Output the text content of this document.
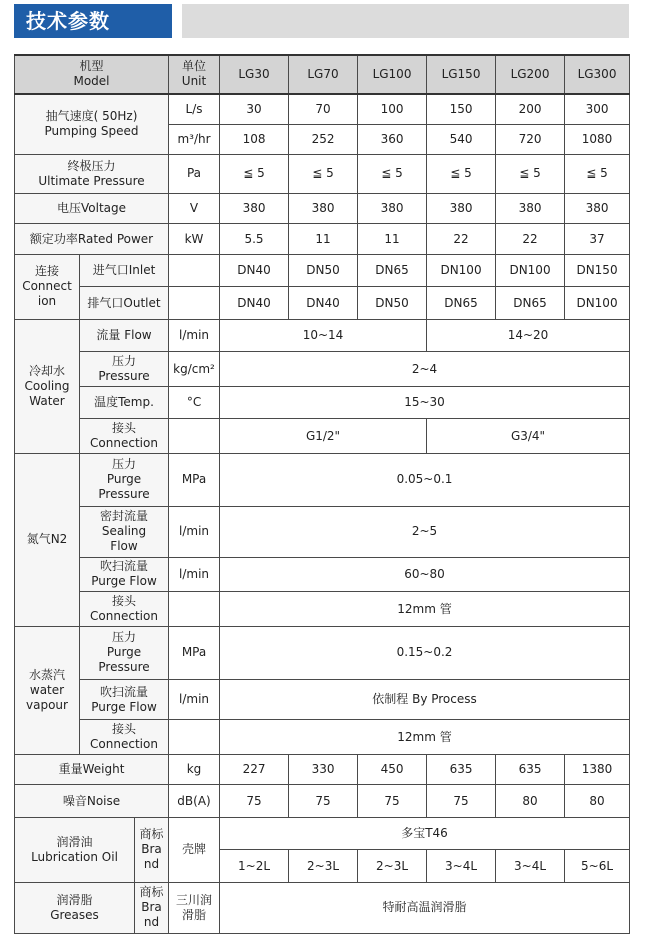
技术参数
机型
Model			单位
Unit	LG30	LG70	LG100	LG150	LG200	LG300
抽气速度( 50Hz)
Pumping Speed			L/s	30	70	100	150	200	300
			m³/hr	108	252	360	540	720	1080
终极压力
Ultimate Pressure			Pa	≦ 5	≦ 5	≦ 5	≦ 5	≦ 5	≦ 5
电压Voltage			V	380	380	380	380	380	380
额定功率Rated Power			kW	5.5	11	11	22	22	37
连接
Connect
ion	进气口Inlet			DN40	DN50	DN65	DN100	DN100	DN150
	排气口Outlet			DN40	DN40	DN50	DN65	DN65	DN100
冷却水
Cooling
Water	流量 Flow		l/min	10~14			14~20		
	压力
Pressure		kg/cm²	2~4					
	温度Temp.		°C	15~30					
	接头
Connection			G1/2"			G3/4"		
氮气N2	压力
Purge
Pressure		MPa	0.05~0.1					
	密封流量
Sealing
Flow		l/min	2~5					
	吹扫流量
Purge Flow		l/min	60~80					
	接头
Connection			12mm 管					
水蒸汽
water
vapour	压力
Purge
Pressure		MPa	0.15~0.2					
	吹扫流量
Purge Flow		l/min	依制程 By Process					
	接头
Connection			12mm 管					
重量Weight			kg	227	330	450	635	635	1380
噪音Noise			dB(A)	75	75	75	75	80	80
润滑油
Lubrication Oil		商标
Bra
nd	壳牌	多宝T46					
				1~2L	2~3L	2~3L	3~4L	3~4L	5~6L
润滑脂
Greases		商标
Bra
nd	三川润
滑脂	特耐高温润滑脂					
